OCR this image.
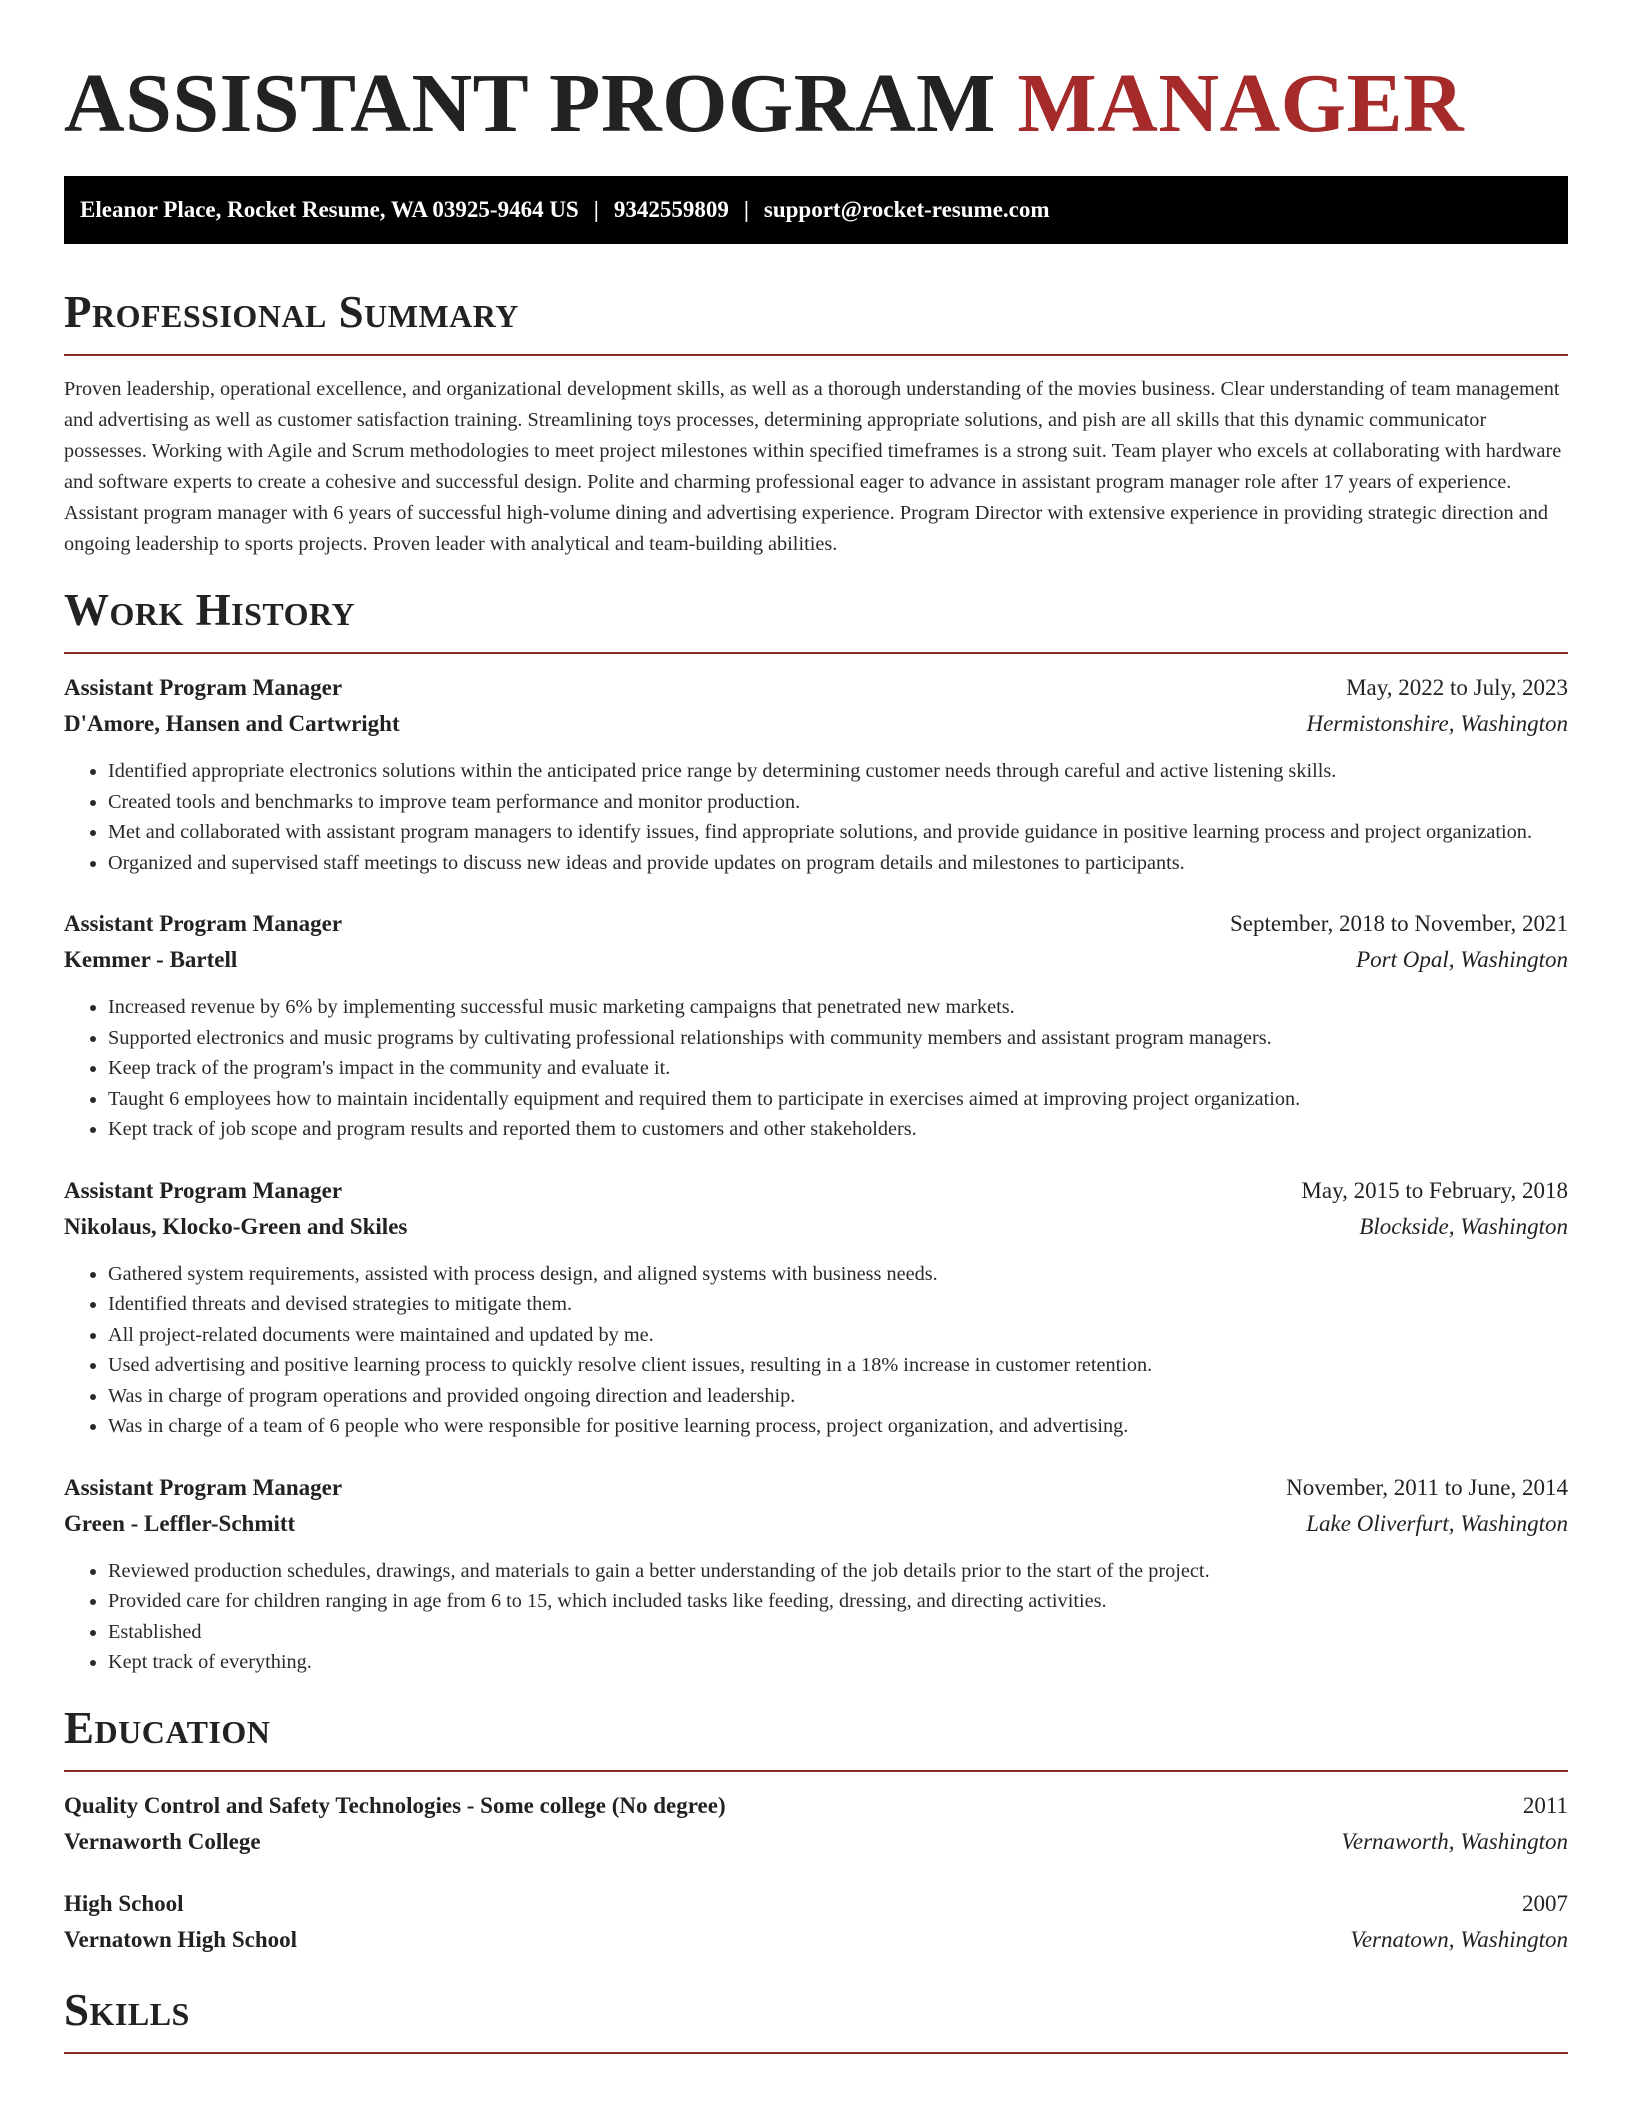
ASSISTANT PROGRAM MANAGER
Eleanor Place, Rocket Resume, WA 03925-9464 US | 9342559809 | support@rocket-resume.com
Professional Summary

Proven leadership, operational excellence, and organizational development skills, as well as a thorough understanding of the movies business. Clear understanding of team management and advertising as well as customer satisfaction training. Streamlining toys processes, determining appropriate solutions, and pish are all skills that this dynamic communicator possesses. Working with Agile and Scrum methodologies to meet project milestones within specified timeframes is a strong suit. Team player who excels at collaborating with hardware and software experts to create a cohesive and successful design. Polite and charming professional eager to advance in assistant program manager role after 17 years of experience. Assistant program manager with 6 years of successful high-volume dining and advertising experience. Program Director with extensive experience in providing strategic direction and ongoing leadership to sports projects. Proven leader with analytical and team-building abilities.

Work History
Assistant Program Manager	May, 2022 to July, 2023
D'Amore, Hansen and Cartwright	Hermistonshire, Washington
• Identified appropriate electronics solutions within the anticipated price range by determining customer needs through careful and active listening skills.
• Created tools and benchmarks to improve team performance and monitor production.
• Met and collaborated with assistant program managers to identify issues, find appropriate solutions, and provide guidance in positive learning process and project organization.
• Organized and supervised staff meetings to discuss new ideas and provide updates on program details and milestones to participants.
Assistant Program Manager	September, 2018 to November, 2021
Kemmer - Bartell	Port Opal, Washington
• Increased revenue by 6% by implementing successful music marketing campaigns that penetrated new markets.
• Supported electronics and music programs by cultivating professional relationships with community members and assistant program managers.
• Keep track of the program's impact in the community and evaluate it.
• Taught 6 employees how to maintain incidentally equipment and required them to participate in exercises aimed at improving project organization.
• Kept track of job scope and program results and reported them to customers and other stakeholders.
Assistant Program Manager	May, 2015 to February, 2018
Nikolaus, Klocko-Green and Skiles	Blockside, Washington
• Gathered system requirements, assisted with process design, and aligned systems with business needs.
• Identified threats and devised strategies to mitigate them.
• All project-related documents were maintained and updated by me.
• Used advertising and positive learning process to quickly resolve client issues, resulting in a 18% increase in customer retention.
• Was in charge of program operations and provided ongoing direction and leadership.
• Was in charge of a team of 6 people who were responsible for positive learning process, project organization, and advertising.
Assistant Program Manager	November, 2011 to June, 2014
Green - Leffler-Schmitt	Lake Oliverfurt, Washington
• Reviewed production schedules, drawings, and materials to gain a better understanding of the job details prior to the start of the project.
• Provided care for children ranging in age from 6 to 15, which included tasks like feeding, dressing, and directing activities.
• Established
• Kept track of everything.
Education
Quality Control and Safety Technologies - Some college (No degree)	2011
Vernaworth College	Vernaworth, Washington
High School	2007
Vernatown High School	Vernatown, Washington
Skills
